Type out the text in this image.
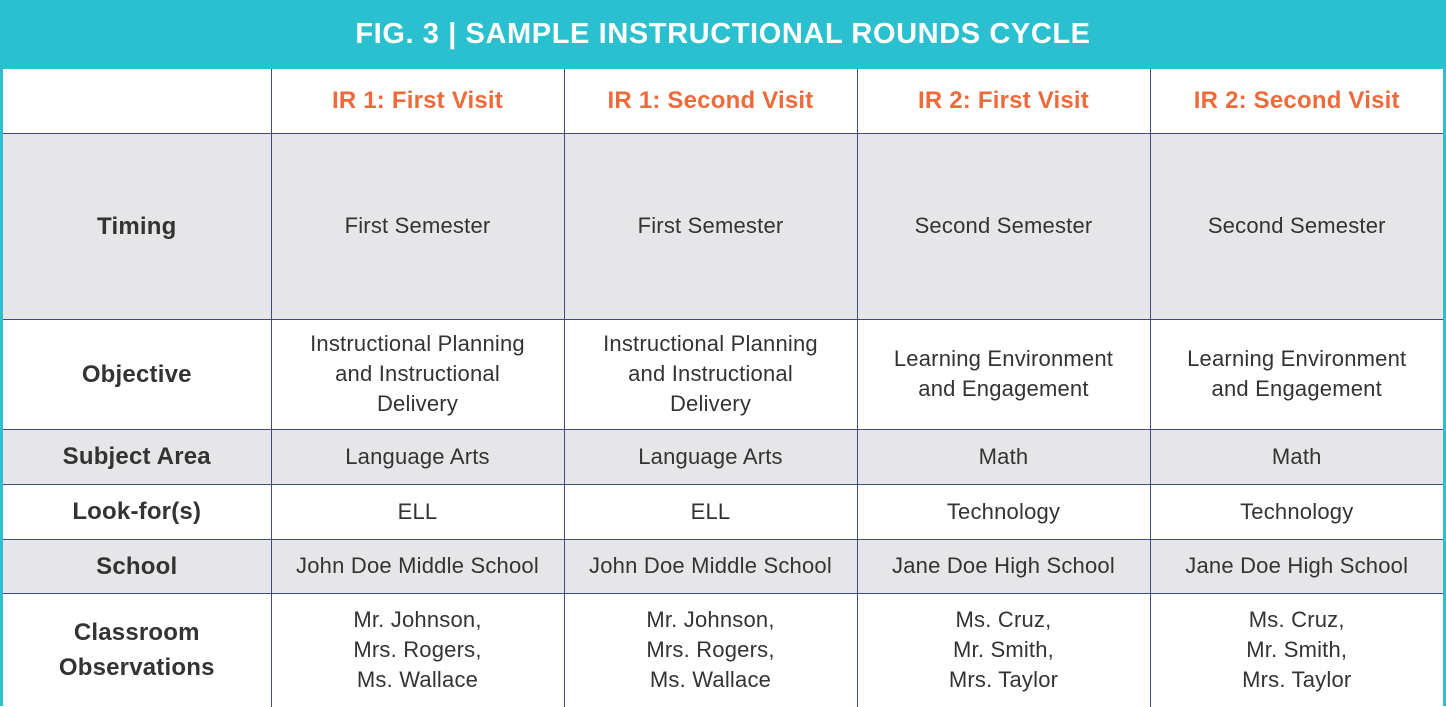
FIG. 3 | SAMPLE INSTRUCTIONAL ROUNDS CYCLE
	IR 1: First Visit	IR 1: Second Visit	IR 2: First Visit	IR 2: Second Visit

Timing	First Semester	First Semester	Second Semester	Second Semester

Objective	Instructional Planning
and Instructional
Delivery	Instructional Planning
and Instructional
Delivery	Learning Environment
and Engagement	Learning Environment
and Engagement

Subject Area	Language Arts	Language Arts	Math	Math

Look-for(s)	ELL	ELL	Technology	Technology

School	John Doe Middle School	John Doe Middle School	Jane Doe High School	Jane Doe High School

Classroom
Observations	Mr. Johnson,
Mrs. Rogers,
Ms. Wallace	Mr. Johnson,
Mrs. Rogers,
Ms. Wallace	Ms. Cruz,
Mr. Smith,
Mrs. Taylor	Ms. Cruz,
Mr. Smith,
Mrs. Taylor
